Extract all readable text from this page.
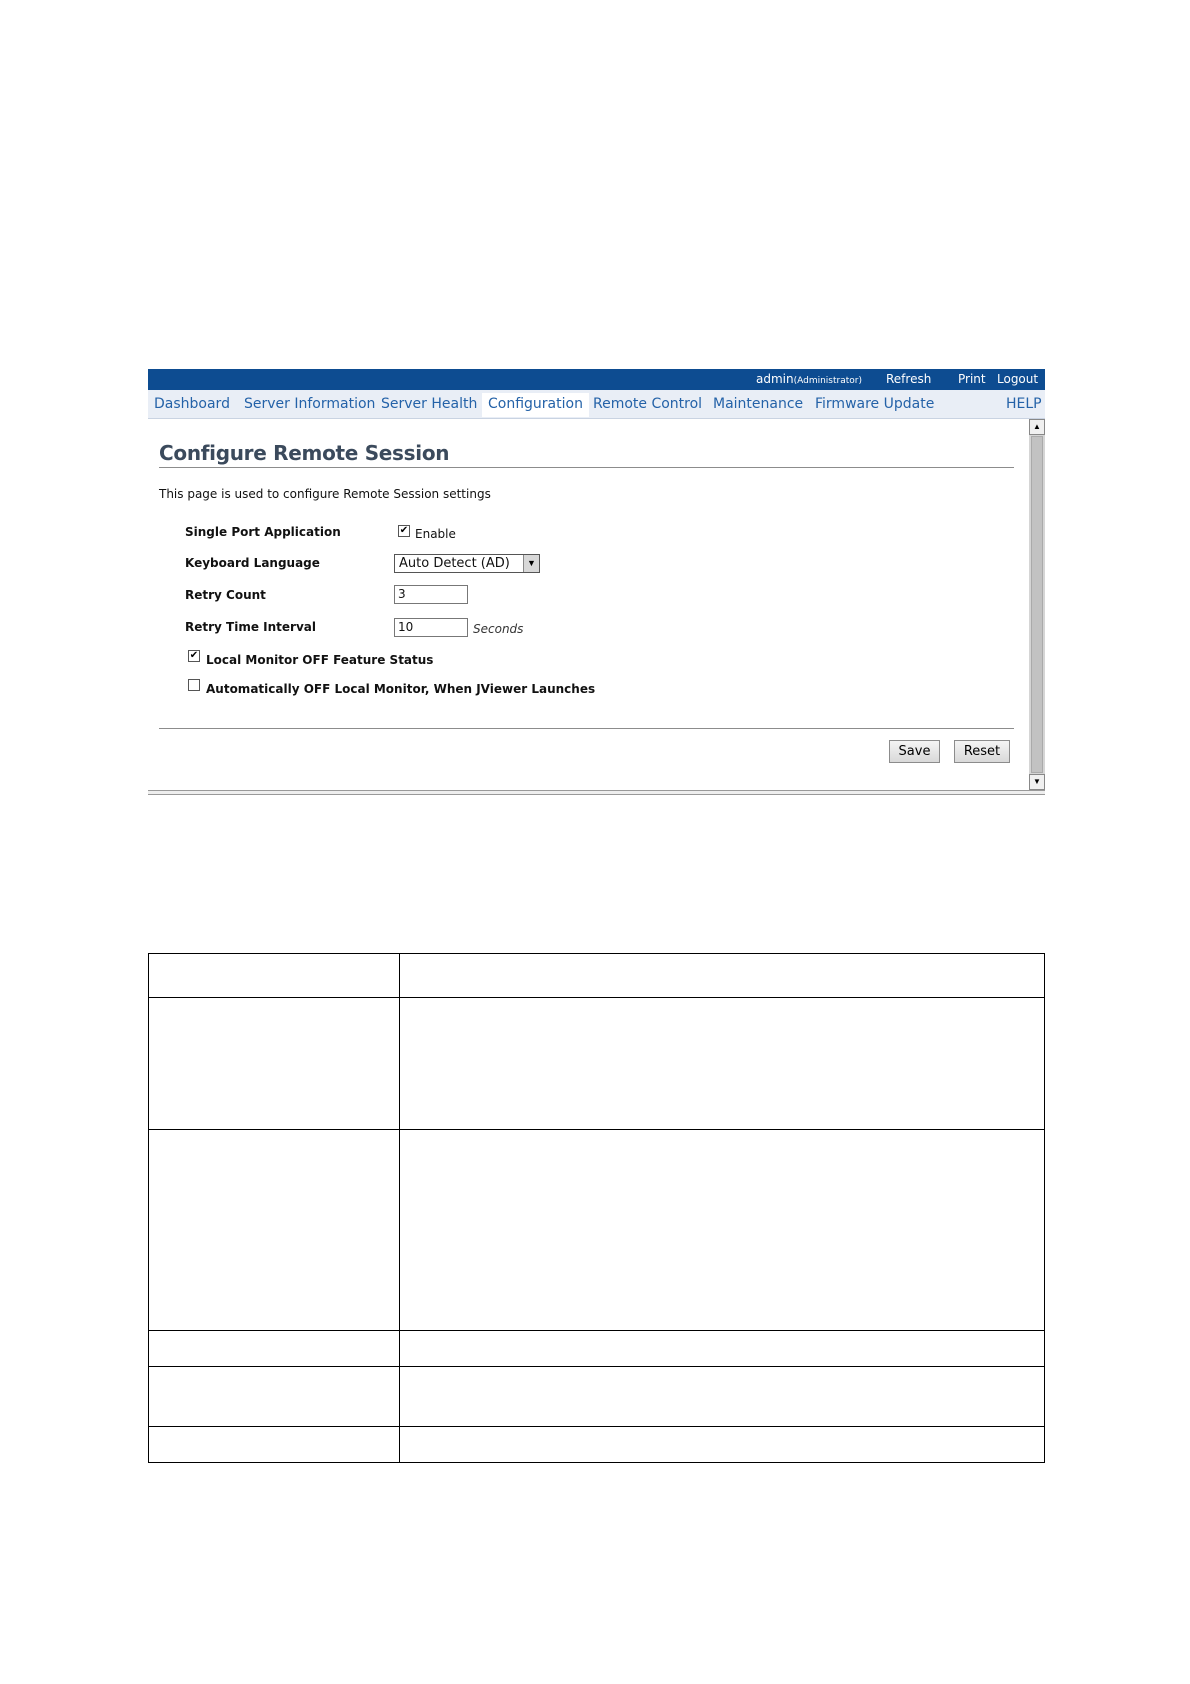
admin(Administrator) Refresh Print Logout
Dashboard Server Information Server Health Configuration Remote Control Maintenance Firmware Update	HELP
Configure Remote Session
This page is used to configure Remote Session settings
Single Port Application	✔ Enable
Keyboard Language	Auto Detect (AD)	▼
Retry Count	3
Retry Time Interval	10	Seconds
✔ Local Monitor OFF Feature Status
Automatically OFF Local Monitor, When JViewer Launches
Save	Reset
▲
▼
